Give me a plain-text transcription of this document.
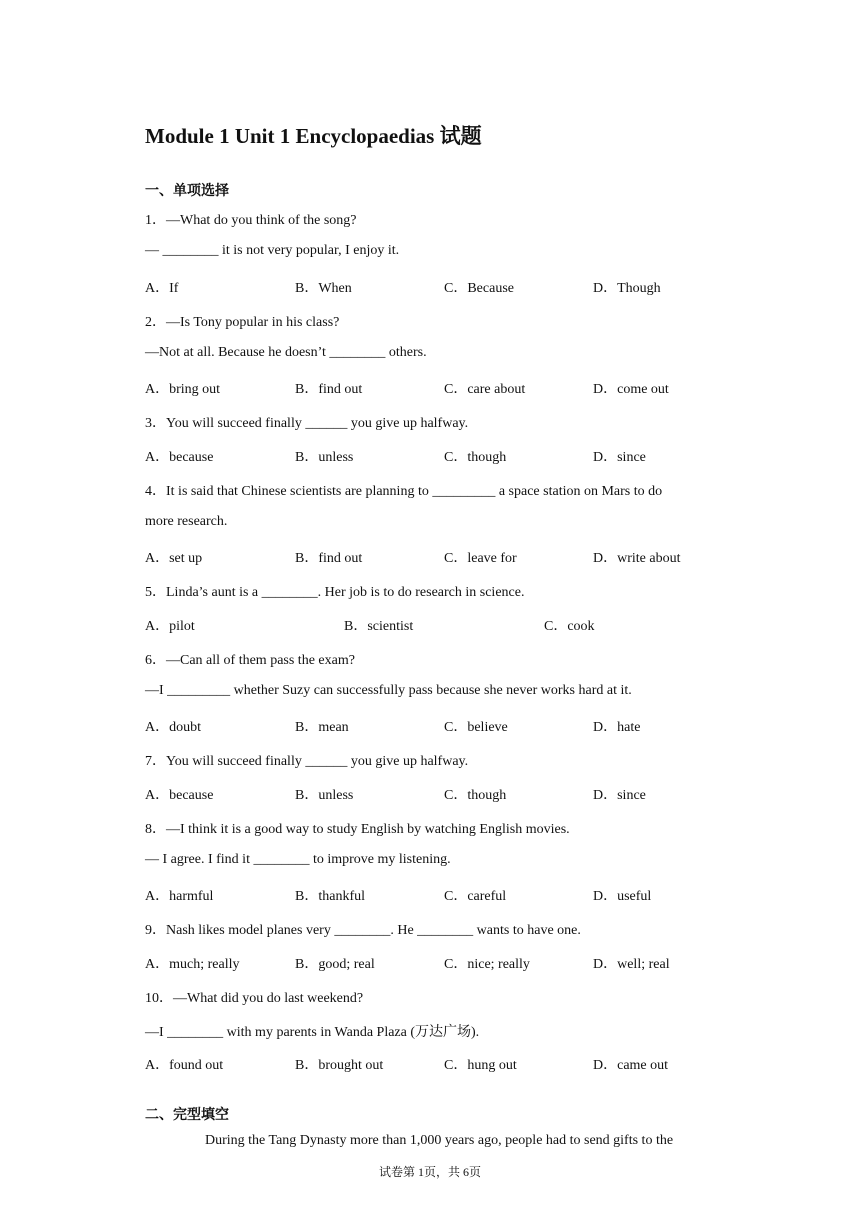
Module 1 Unit 1 Encyclopaedias 试题
一、单项选择
1．—What do you think of the song?
— ________ it is not very popular, I enjoy it.
A．If	B．When	C．Because	D．Though
2．—Is Tony popular in his class?
—Not at all. Because he doesn’t ________ others.
A．bring out	B．find out	C．care about	D．come out
3．You will succeed finally ______ you give up halfway.
A．because	B．unless	C．though	D．since
4．It is said that Chinese scientists are planning to _________ a space station on Mars to do
more research.
A．set up	B．find out	C．leave for	D．write about
5．Linda’s aunt is a ________. Her job is to do research in science.
A．pilot	B．scientist	C．cook
6．—Can all of them pass the exam?
—I _________ whether Suzy can successfully pass because she never works hard at it.
A．doubt	B．mean	C．believe	D．hate
7．You will succeed finally ______ you give up halfway.
A．because	B．unless	C．though	D．since
8．—I think it is a good way to study English by watching English movies.
— I agree. I find it ________ to improve my listening.
A．harmful	B．thankful	C．careful	D．useful
9．Nash likes model planes very ________. He ________ wants to have one.
A．much; really	B．good; real	C．nice; really	D．well; real
10．—What did you do last weekend?
—I ________ with my parents in Wanda Plaza (万达广场).
A．found out	B．brought out	C．hung out	D．came out
二、完型填空
During the Tang Dynasty more than 1,000 years ago, people had to send gifts to the
试卷第 1页，共 6页
